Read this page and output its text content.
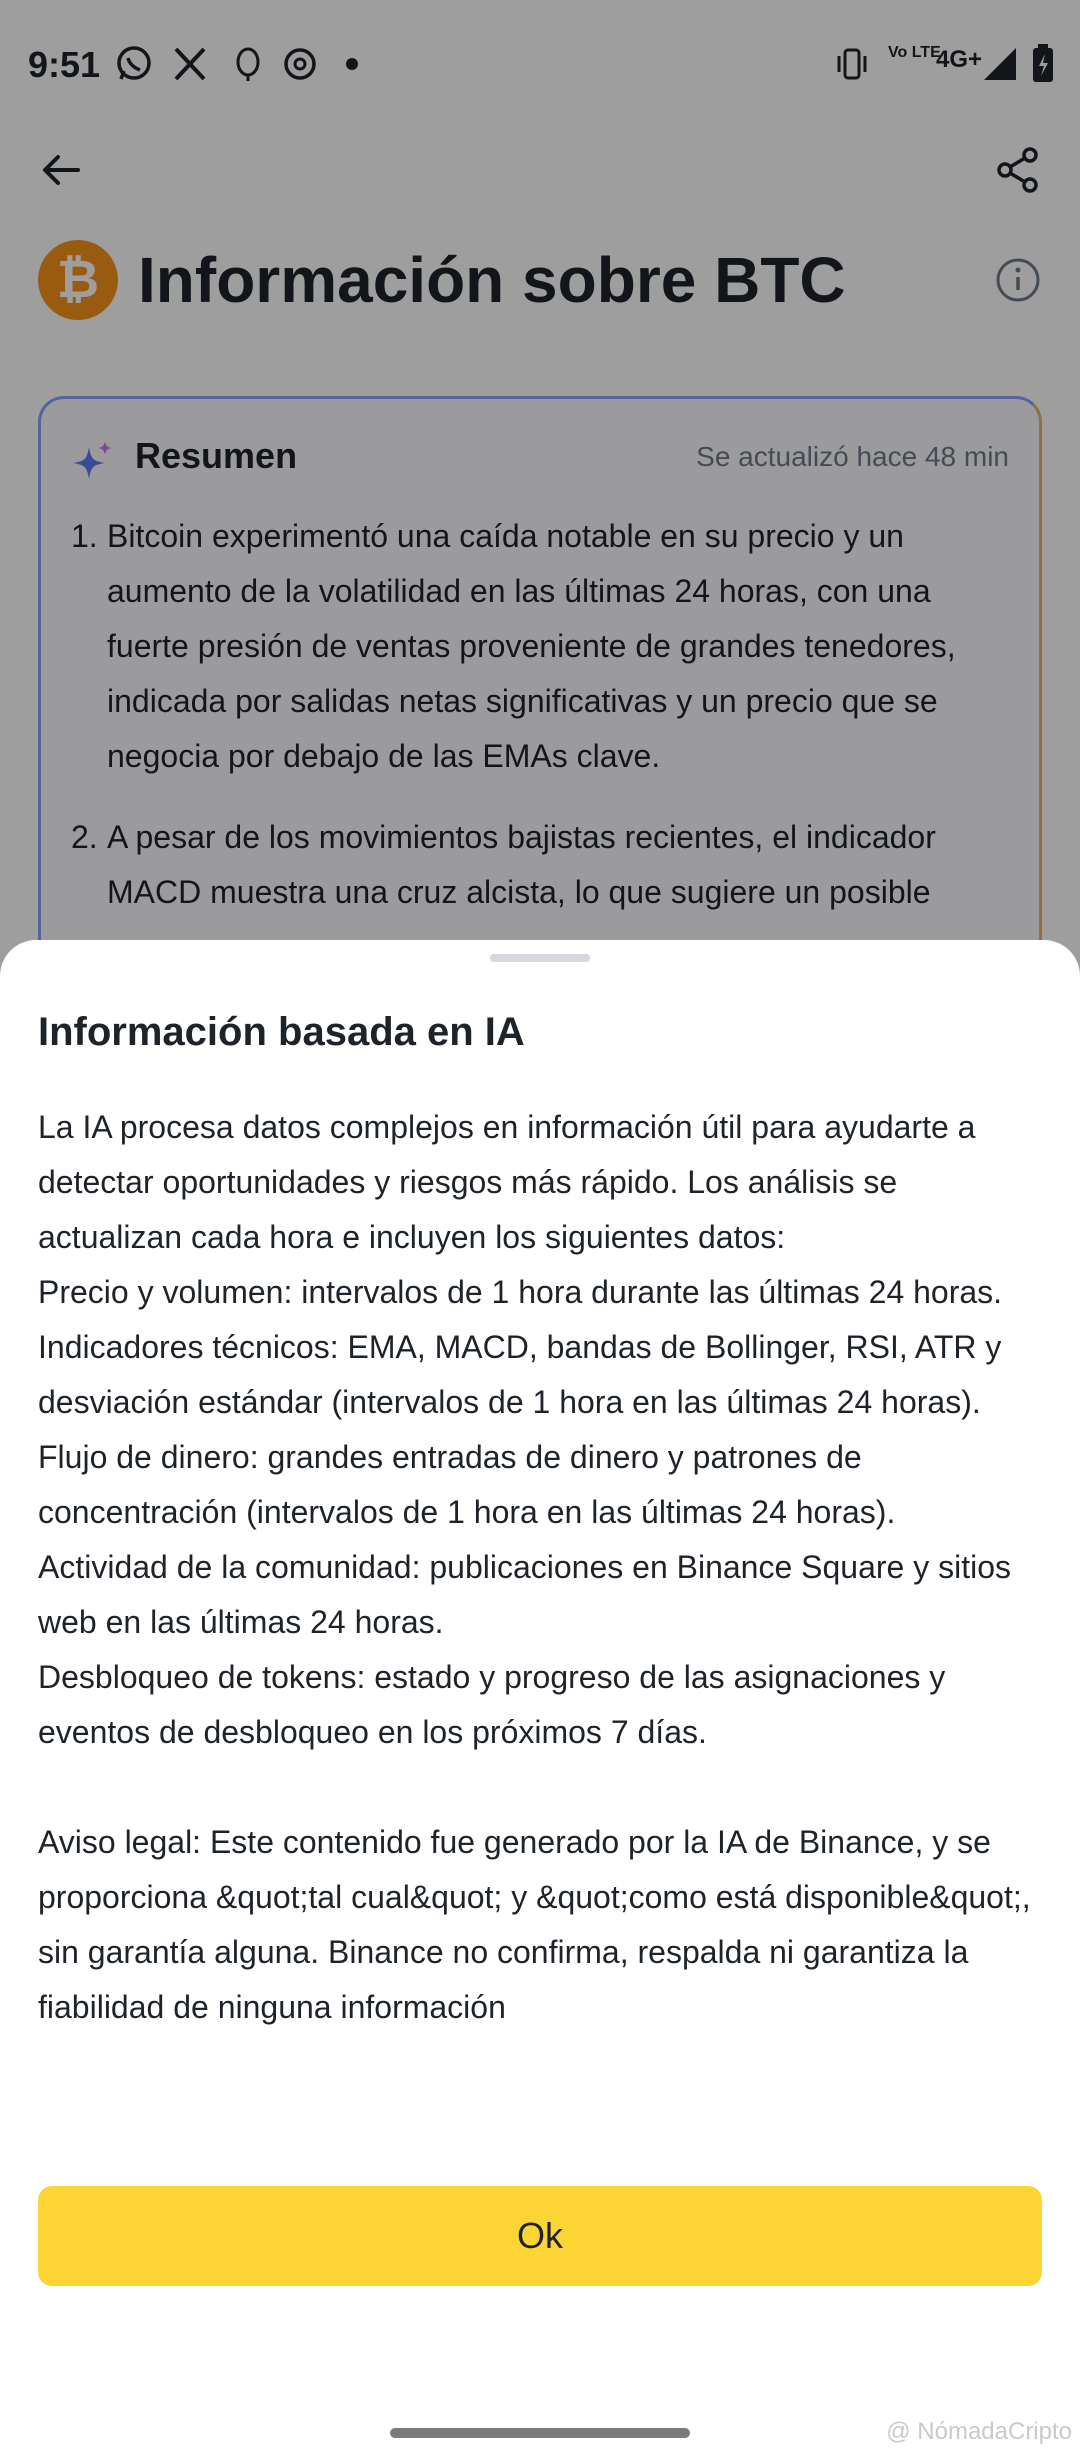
9:51	Vo LTE
4G+
₿ Información sobre BTC
Resumen	Se actualizó hace 48 min
1. Bitcoin experimentó una caída notable en su precio y un aumento de la volatilidad en las últimas 24 horas, con una fuerte presión de ventas proveniente de grandes tenedores, indicada por salidas netas significativas y un precio que se negocia por debajo de las EMAs clave.
2. A pesar de los movimientos bajistas recientes, el indicador MACD muestra una cruz alcista, lo que sugiere un posible
Información basada en IA

La IA procesa datos complejos en información útil para ayudarte a detectar oportunidades y riesgos más rápido. Los análisis se actualizan cada hora e incluyen los siguientes datos:

Precio y volumen: intervalos de 1 hora durante las últimas 24 horas.

Indicadores técnicos: EMA, MACD, bandas de Bollinger, RSI, ATR y desviación estándar (intervalos de 1 hora en las últimas 24 horas).

Flujo de dinero: grandes entradas de dinero y patrones de concentración (intervalos de 1 hora en las últimas 24 horas).

Actividad de la comunidad: publicaciones en Binance Square y sitios web en las últimas 24 horas.

Desbloqueo de tokens: estado y progreso de las asignaciones y eventos de desbloqueo en los próximos 7 días.

Aviso legal: Este contenido fue generado por la IA de Binance, y se proporciona &quot;tal cual&quot; y &quot;como está disponible&quot;, sin garantía alguna. Binance no confirma, respalda ni garantiza la fiabilidad de ninguna información

Ok
@ NómadaCripto
